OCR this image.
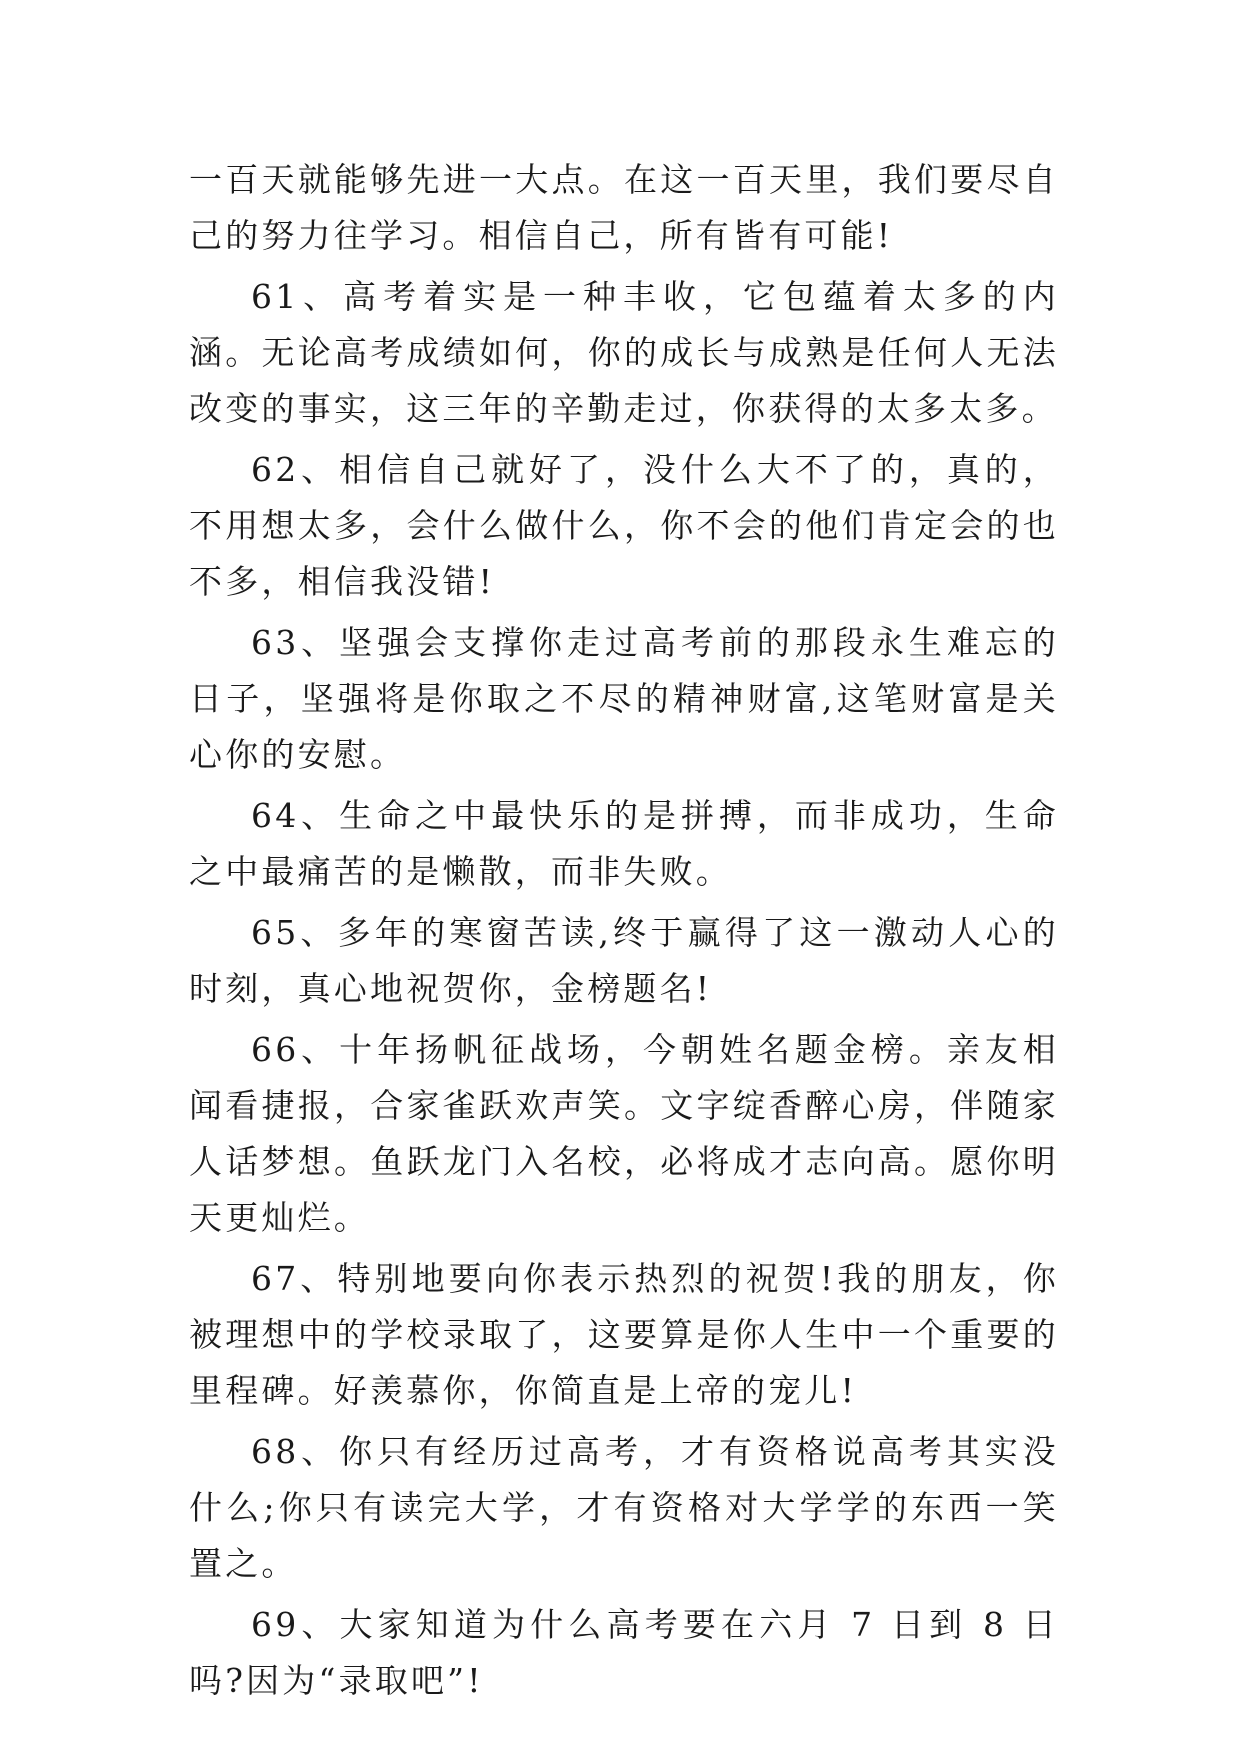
一百天就能够先进一大点。在这一百天里，我们要尽自己的努力往学习。相信自己，所有皆有可能!

61、高考着实是一种丰收，它包蕴着太多的内涵。无论高考成绩如何，你的成长与成熟是任何人无法改变的事实，这三年的辛勤走过，你获得的太多太多。

62、相信自己就好了，没什么大不了的，真的，不用想太多，会什么做什么，你不会的他们肯定会的也不多，相信我没错!

63、坚强会支撑你走过高考前的那段永生难忘的日子，坚强将是你取之不尽的精神财富,这笔财富是关心你的安慰。

64、生命之中最快乐的是拼搏，而非成功，生命之中最痛苦的是懒散，而非失败。

65、多年的寒窗苦读,终于赢得了这一激动人心的时刻，真心地祝贺你，金榜题名!

66、十年扬帆征战场，今朝姓名题金榜。亲友相闻看捷报，合家雀跃欢声笑。文字绽香醉心房，伴随家人话梦想。鱼跃龙门入名校，必将成才志向高。愿你明天更灿烂。

67、特别地要向你表示热烈的祝贺!我的朋友，你被理想中的学校录取了，这要算是你人生中一个重要的里程碑。好羡慕你，你简直是上帝的宠儿!

68、你只有经历过高考，才有资格说高考其实没什么;你只有读完大学，才有资格对大学学的东西一笑置之。

69、大家知道为什么高考要在六月 7 日到 8 日吗?因为“录取吧”!
